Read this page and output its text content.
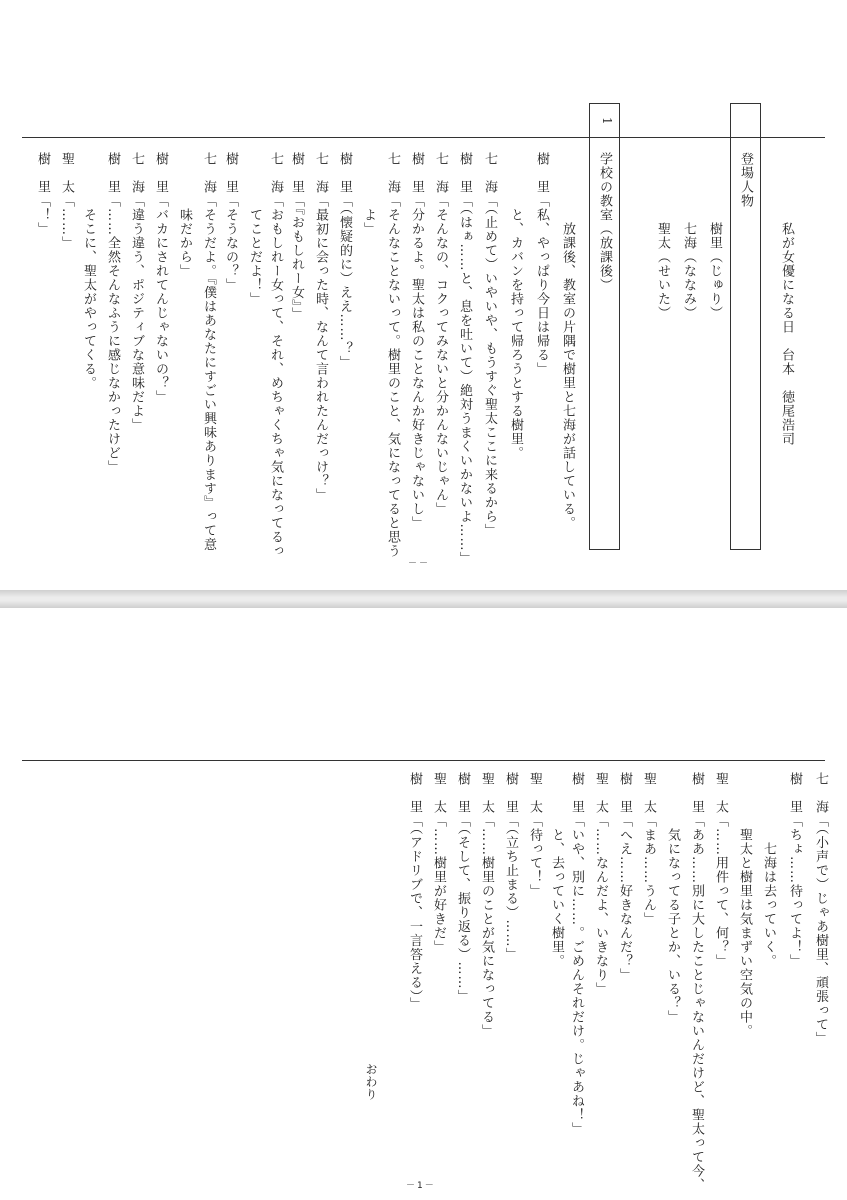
私が女優になる日　台本　徳尾浩司
登場人物
樹里（じゅり）
七海（ななみ）
聖太（せいた）
1
学校の教室（放課後）
　　　　　放課後、教室の片隅で樹里と七海が話している。
樹　里「私、やっぱり今日は帰る」
　　　　と、カバンを持って帰ろうとする樹里。
七　海「（止めて）いやいや、もうすぐ聖太ここに来るから」
樹　里「（はぁ……と、息を吐いて）絶対うまくいかないよ……」
七　海「そんなの、コクってみないと分かんないじゃん」
樹　里「分かるよ。聖太は私のことなんか好きじゃないし」
七　海「そんなことないって。樹里のこと、気になってると思う
　　　　よ」
樹　里「（懐疑的に）ええ……？」
七　海「最初に会った時、なんて言われたんだっけ？」
樹　里「『おもしれー女』」
七　海「おもしれー女って、それ、めちゃくちゃ気になってるっ
　　　　てことだよ！」
樹　里「そうなの？」
七　海「そうだよ。『僕はあなたにすごい興味あります』って意
　　　　味だから」
樹　里「バカにされてんじゃないの？」
七　海「違う違う、ポジティブな意味だよ」
樹　里「……全然そんなふうに感じなかったけど」
　　　　そこに、聖太がやってくる。
聖　太「……」
樹　里「！」
－－
七　海「（小声で）じゃあ樹里、頑張って」
樹　里「ちょ……待ってよ！」
　　　　　七海は去っていく。
　　　　聖太と樹里は気まずい空気の中。
聖　太「……用件って、何？」
樹　里「ああ……別に大したことじゃないんだけど、聖太って今、
　　　　気になってる子とか、いる？」
聖　太「まあ……うん」
樹　里「へえ……好きなんだ？」
聖　太「……なんだよ、いきなり」
樹　里「いや、別に……。ごめんそれだけ。じゃあね！」
　　　　と、去っていく樹里。
聖　太「待って！」
樹　里「（立ち止まる）……」
聖　太「……樹里のことが気になってる」
樹　里「（そして、振り返る）……」
聖　太「……樹里が好きだ」
樹　里「（アドリブで、一言答える）」
おわり
－1－
